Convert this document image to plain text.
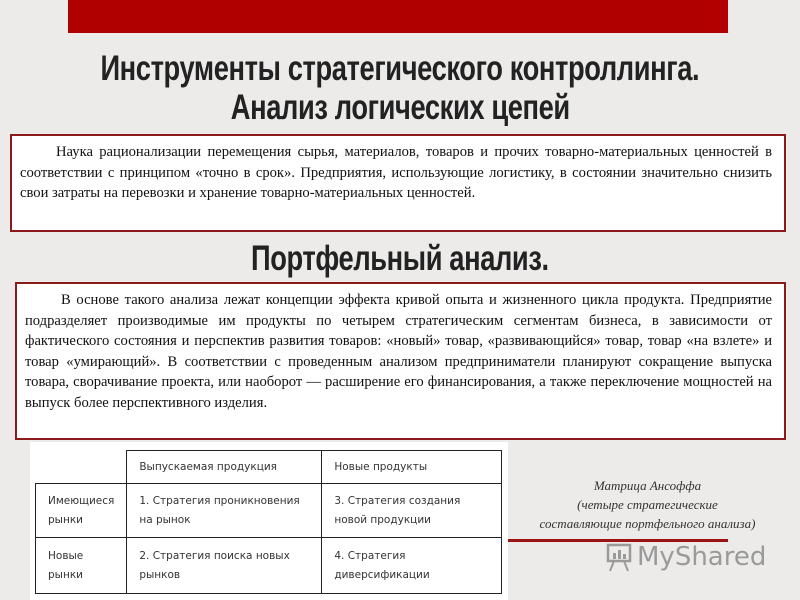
Инструменты стратегического контроллинга.
Анализ логических цепей

Наука рационализации перемещения сырья, материалов, товаров и прочих товарно-материальных ценностей в соответствии с принципом «точно в срок». Предприятия, использующие логистику, в состоянии значительно снизить свои затраты на перевозки и хранение товарно-материальных ценностей.

Портфельный анализ.

В основе такого анализа лежат концепции эффекта кривой опыта и жизненного цикла продукта. Предприятие подразделяет производимые им продукты по четырем стратегическим сегментам бизнеса, в зависимости от фактического состояния и перспектив развития товаров: «новый» товар, «развивающийся» товар, товар «на взлете» и товар «умирающий». В соответствии с проведенным анализом предприниматели планируют сокращение выпуска товара, сворачивание проекта, или наоборот — расширение его финансирования, а также переключение мощностей на выпуск более перспективного изделия.

	Выпускаемая продукция	Новые продукты
Имеющиеся рынки	1. Стратегия проникновения на рынок	3. Стратегия создания новой продукции
Новые рынки	2. Стратегия поиска новых рынков	4. Стратегия диверсификации
Матрица Ансоффа
(четыре стратегические
составляющие портфельного анализа)
MyShared
